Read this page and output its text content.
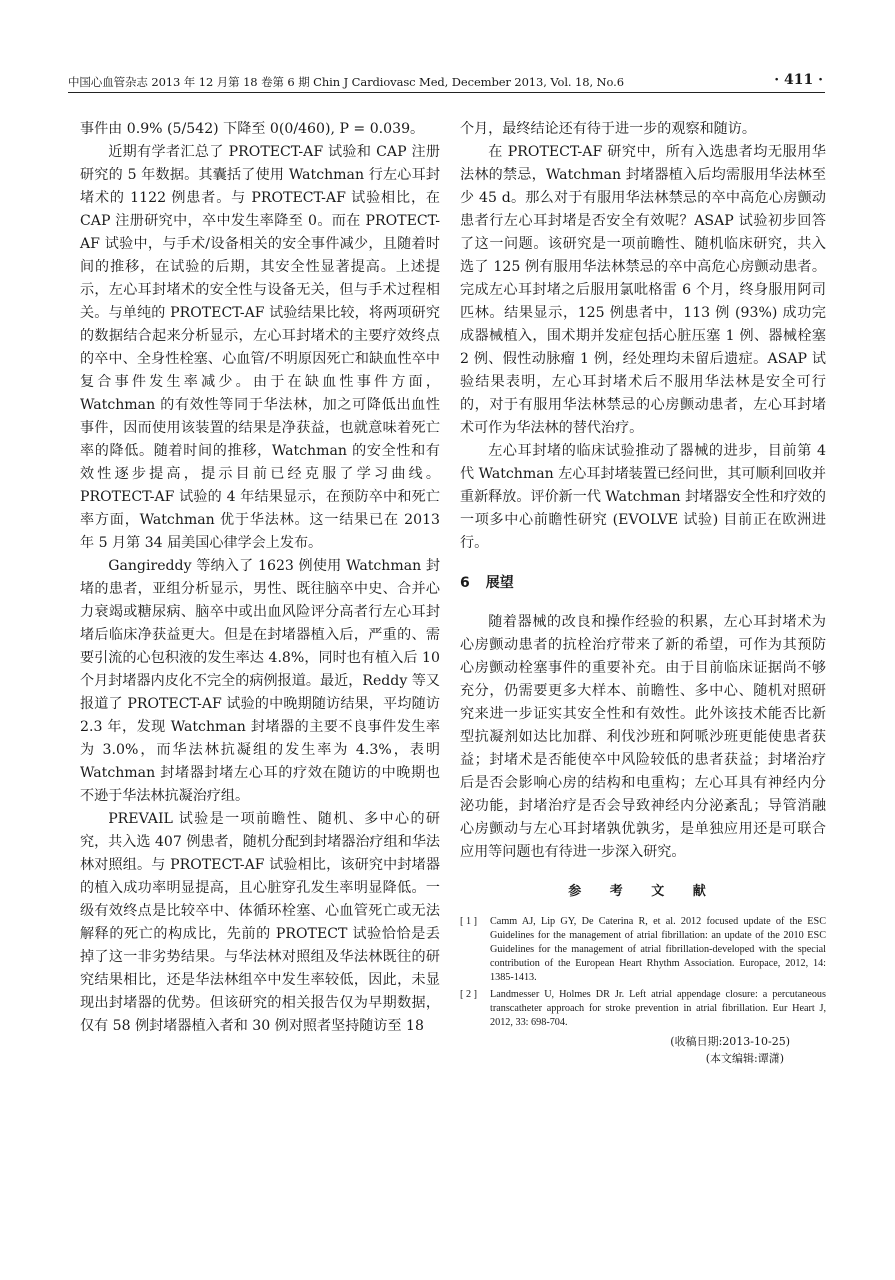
中国心血管杂志 2013 年 12 月第 18 卷第 6 期 Chin J Cardiovasc Med, December 2013, Vol. 18, No.6	· 411 ·

事件由 0.9% (5/542) 下降至 0(0/460), P = 0.039。

近期有学者汇总了 PROTECT-AF 试验和 CAP 注册研究的 5 年数据。其囊括了使用 Watchman 行左心耳封堵术的 1122 例患者。与 PROTECT-AF 试验相比，在 CAP 注册研究中，卒中发生率降至 0。而在 PROTECT-AF 试验中，与手术/设备相关的安全事件减少，且随着时间的推移，在试验的后期，其安全性显著提高。上述提示，左心耳封堵术的安全性与设备无关，但与手术过程相关。与单纯的 PROTECT-AF 试验结果比较，将两项研究的数据结合起来分析显示，左心耳封堵术的主要疗效终点的卒中、全身性栓塞、心血管/不明原因死亡和缺血性卒中复合事件发生率减少。由于在缺血性事件方面，Watchman 的有效性等同于华法林，加之可降低出血性事件，因而使用该装置的结果是净获益，也就意味着死亡率的降低。随着时间的推移，Watchman 的安全性和有效性逐步提高，提示目前已经克服了学习曲线。PROTECT-AF 试验的 4 年结果显示，在预防卒中和死亡率方面，Watchman 优于华法林。这一结果已在 2013 年 5 月第 34 届美国心律学会上发布。

Gangireddy 等纳入了 1623 例使用 Watchman 封堵的患者，亚组分析显示，男性、既往脑卒中史、合并心力衰竭或糖尿病、脑卒中或出血风险评分高者行左心耳封堵后临床净获益更大。但是在封堵器植入后，严重的、需要引流的心包积液的发生率达 4.8%，同时也有植入后 10 个月封堵器内皮化不完全的病例报道。最近，Reddy 等又报道了 PROTECT-AF 试验的中晚期随访结果，平均随访 2.3 年，发现 Watchman 封堵器的主要不良事件发生率为 3.0%，而华法林抗凝组的发生率为 4.3%，表明 Watchman 封堵器封堵左心耳的疗效在随访的中晚期也不逊于华法林抗凝治疗组。

PREVAIL 试验是一项前瞻性、随机、多中心的研究，共入选 407 例患者，随机分配到封堵器治疗组和华法林对照组。与 PROTECT-AF 试验相比，该研究中封堵器的植入成功率明显提高，且心脏穿孔发生率明显降低。一级有效终点是比较卒中、体循环栓塞、心血管死亡或无法解释的死亡的构成比，先前的 PROTECT 试验恰恰是丢掉了这一非劣势结果。与华法林对照组及华法林既往的研究结果相比，还是华法林组卒中发生率较低，因此，未显现出封堵器的优势。但该研究的相关报告仅为早期数据，仅有 58 例封堵器植入者和 30 例对照者坚持随访至 18

个月，最终结论还有待于进一步的观察和随访。

在 PROTECT-AF 研究中，所有入选患者均无服用华法林的禁忌，Watchman 封堵器植入后均需服用华法林至少 45 d。那么对于有服用华法林禁忌的卒中高危心房颤动患者行左心耳封堵是否安全有效呢？ASAP 试验初步回答了这一问题。该研究是一项前瞻性、随机临床研究，共入选了 125 例有服用华法林禁忌的卒中高危心房颤动患者。完成左心耳封堵之后服用氯吡格雷 6 个月，终身服用阿司匹林。结果显示，125 例患者中，113 例 (93%) 成功完成器械植入，围术期并发症包括心脏压塞 1 例、器械栓塞 2 例、假性动脉瘤 1 例，经处理均未留后遗症。ASAP 试验结果表明，左心耳封堵术后不服用华法林是安全可行的，对于有服用华法林禁忌的心房颤动患者，左心耳封堵术可作为华法林的替代治疗。

左心耳封堵的临床试验推动了器械的进步，目前第 4 代 Watchman 左心耳封堵装置已经问世，其可顺利回收并重新释放。评价新一代 Watchman 封堵器安全性和疗效的一项多中心前瞻性研究 (EVOLVE 试验) 目前正在欧洲进行。

6 展望

随着器械的改良和操作经验的积累，左心耳封堵术为心房颤动患者的抗栓治疗带来了新的希望，可作为其预防心房颤动栓塞事件的重要补充。由于目前临床证据尚不够充分，仍需要更多大样本、前瞻性、多中心、随机对照研究来进一步证实其安全性和有效性。此外该技术能否比新型抗凝剂如达比加群、利伐沙班和阿哌沙班更能使患者获益；封堵术是否能使卒中风险较低的患者获益；封堵治疗后是否会影响心房的结构和电重构；左心耳具有神经内分泌功能，封堵治疗是否会导致神经内分泌紊乱；导管消融心房颤动与左心耳封堵孰优孰劣，是单独应用还是可联合应用等问题也有待进一步深入研究。

参 考 文 献
[ 1 ]	Camm AJ, Lip GY, De Caterina R, et al. 2012 focused update of the ESC Guidelines for the management of atrial fibrillation: an update of the 2010 ESC Guidelines for the management of atrial fibrillation-developed with the special contribution of the European Heart Rhythm Association. Europace, 2012, 14: 1385-1413.
[ 2 ]	Landmesser U, Holmes DR Jr. Left atrial appendage closure: a percutaneous transcatheter approach for stroke prevention in atrial fibrillation. Eur Heart J, 2012, 33: 698-704.
(收稿日期:2013-10-25)
(本文编辑:谭潇)
